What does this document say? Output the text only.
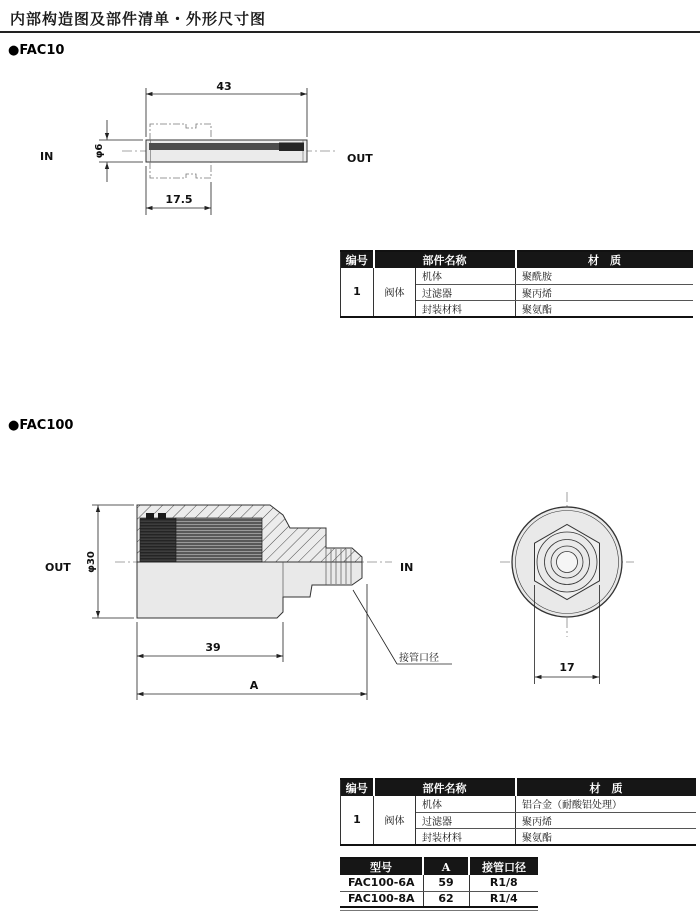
内部构造图及部件清单・外形尺寸图
●FAC10
43
φ6
17.5
IN	OUT
编号	部件名称		材　质
1	阀体	机体	聚酰胺
		过滤器	聚丙烯
		封装材料	聚氨酯
●FAC100
φ30
OUT	IN
39
A
接管口径
17
编号	部件名称		材　质
1	阀体	机体	铝合金（耐酸铝处理）
		过滤器	聚丙烯
		封装材料	聚氨酯
型号	A	接管口径
FAC100-6A	59	R1/8
FAC100-8A	62	R1/4
